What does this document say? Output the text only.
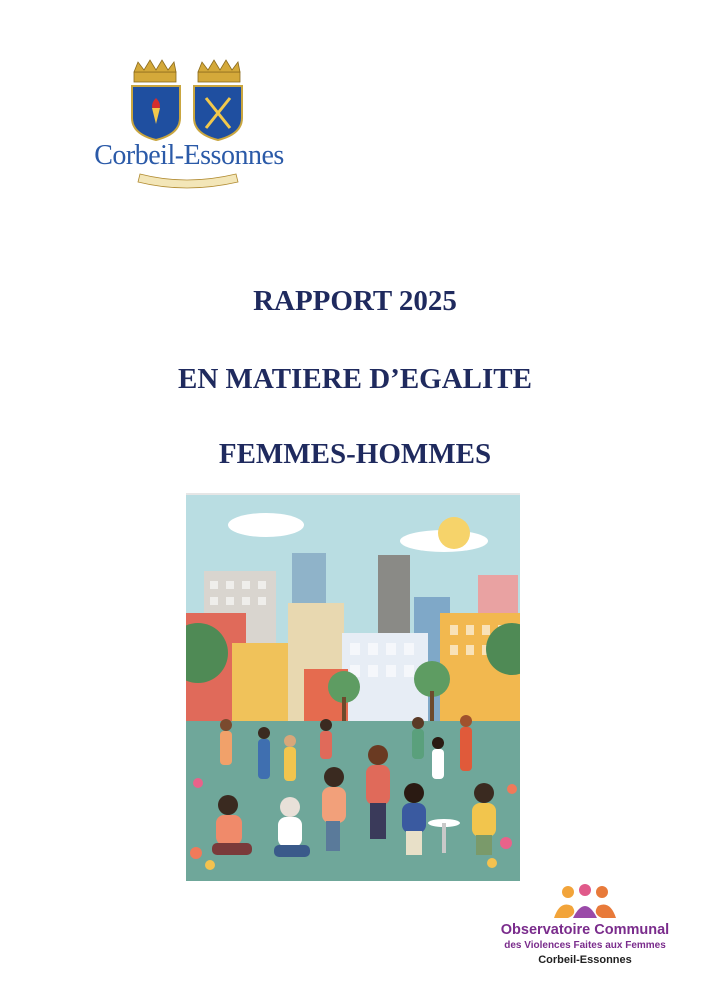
Corbeil-Essonnes
RAPPORT 2025
EN MATIERE D’EGALITE
FEMMES-HOMMES
Observatoire Communal
des Violences Faites aux Femmes
Corbeil-Essonnes
